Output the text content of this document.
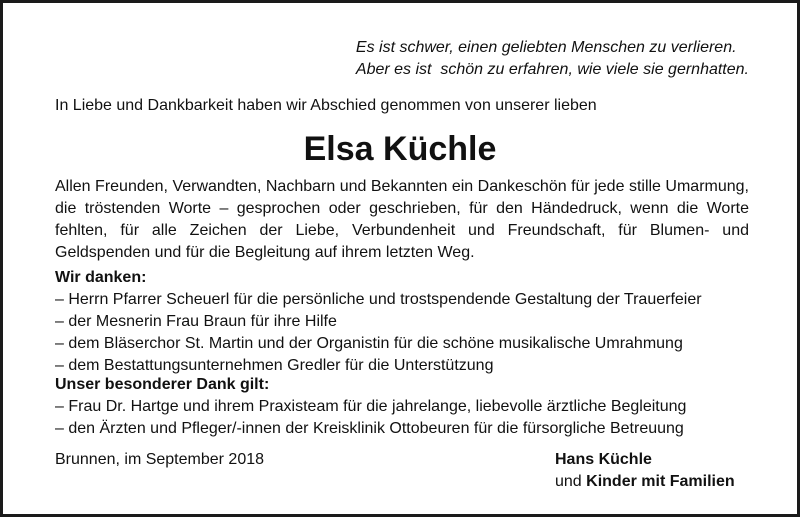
Es ist schwer, einen geliebten Menschen zu verlieren.
Aber es ist  schön zu erfahren, wie viele sie gernhatten.
In Liebe und Dankbarkeit haben wir Abschied genommen von unserer lieben
Elsa Küchle
Allen Freunden, Verwandten, Nachbarn und Bekannten ein Dankeschön für jede stille Umarmung, die tröstenden Worte – gesprochen oder geschrieben, für den Händedruck, wenn die Worte fehlten, für alle Zeichen der Liebe, Verbundenheit und Freundschaft, für Blumen- und Geldspenden und für die Begleitung auf ihrem letzten Weg.
Wir danken:
– Herrn Pfarrer Scheuerl für die persönliche und trostspendende Gestaltung der Trauerfeier
– der Mesnerin Frau Braun für ihre Hilfe
– dem Bläserchor St. Martin und der Organistin für die schöne musikalische Umrahmung
– dem Bestattungsunternehmen Gredler für die Unterstützung
Unser besonderer Dank gilt:
– Frau Dr. Hartge und ihrem Praxisteam für die jahrelange, liebevolle ärztliche Begleitung
– den Ärzten und Pfleger/-innen der Kreisklinik Ottobeuren für die fürsorgliche Betreuung
Brunnen, im September 2018	Hans Küchle
und Kinder mit Familien
